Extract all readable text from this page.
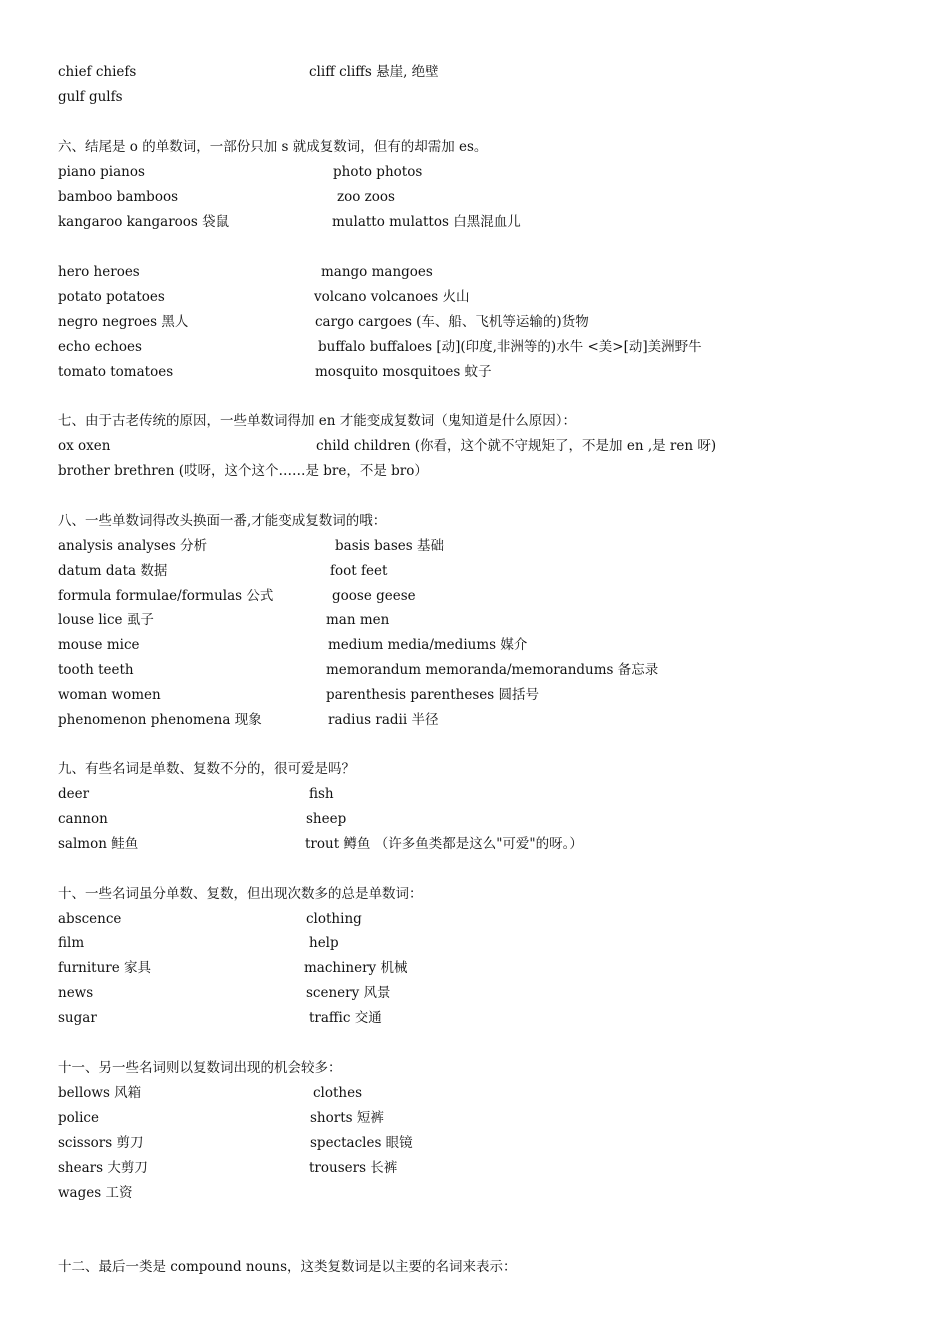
chief chiefs	cliff cliffs 悬崖, 绝壁
gulf gulfs
六、结尾是 o 的单数词，一部份只加 s 就成复数词，但有的却需加 es。
piano pianos	photo photos
bamboo bamboos	zoo zoos
kangaroo kangaroos 袋鼠	mulatto mulattos 白黑混血儿
hero heroes	mango mangoes
potato potatoes	volcano volcanoes 火山
negro negroes 黑人	cargo cargoes (车、船、飞机等运输的)货物
echo echoes	buffalo buffaloes [动](印度,非洲等的)水牛 <美>[动]美洲野牛
tomato tomatoes	mosquito mosquitoes 蚊子
七、由于古老传统的原因，一些单数词得加 en 才能变成复数词（鬼知道是什么原因）：
ox oxen	child children (你看，这个就不守规矩了，不是加 en ,是 ren 呀)
brother brethren (哎呀，这个这个……是 bre，不是 bro）
八、一些单数词得改头换面一番,才能变成复数词的哦：
analysis analyses 分析	basis bases 基础
datum data 数据	foot feet
formula formulae/formulas 公式	goose geese
louse lice 虱子	man men
mouse mice	medium media/mediums 媒介
tooth teeth	memorandum memoranda/memorandums 备忘录
woman women	parenthesis parentheses 圆括号
phenomenon phenomena 现象	radius radii 半径
九、有些名词是单数、复数不分的，很可爱是吗？
deer	fish
cannon	sheep
salmon 鲑鱼	trout 鳟鱼 （许多鱼类都是这么"可爱"的呀。）
十、一些名词虽分单数、复数，但出现次数多的总是单数词：
abscence	clothing
film	help
furniture 家具	machinery 机械
news	scenery 风景
sugar	traffic 交通
十一、另一些名词则以复数词出现的机会较多：
bellows 风箱	clothes
police	shorts 短裤
scissors 剪刀	spectacles 眼镜
shears 大剪刀	trousers 长裤
wages 工资
十二、最后一类是 compound nouns，这类复数词是以主要的名词来表示：
